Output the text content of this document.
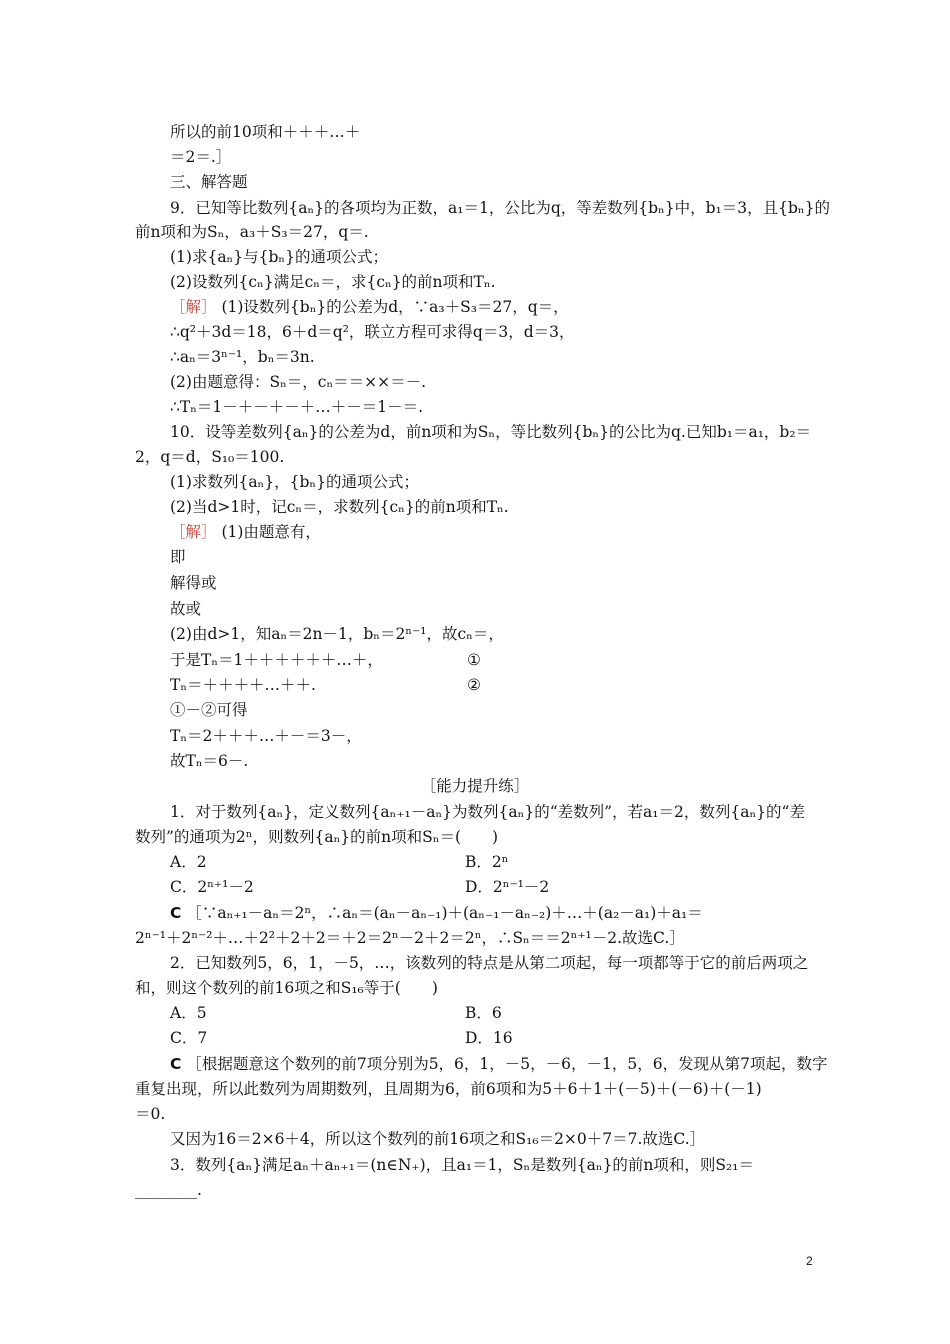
所以的前10项和＋＋＋…＋
＝2＝.］
三、解答题
9．已知等比数列{aₙ}的各项均为正数，a₁＝1，公比为q，等差数列{bₙ}中，b₁＝3，且{bₙ}的
前n项和为Sₙ，a₃＋S₃＝27，q＝.
(1)求{aₙ}与{bₙ}的通项公式；
(2)设数列{cₙ}满足cₙ＝，求{cₙ}的前n项和Tₙ.
［解］ (1)设数列{bₙ}的公差为d，∵a₃＋S₃＝27，q＝，
∴q²＋3d＝18，6＋d＝q²，联立方程可求得q＝3，d＝3，
∴aₙ＝3ⁿ⁻¹，bₙ＝3n.
(2)由题意得：Sₙ＝，cₙ＝＝××＝－.
∴Tₙ＝1－＋－＋－＋…＋－＝1－＝.
10．设等差数列{aₙ}的公差为d，前n项和为Sₙ，等比数列{bₙ}的公比为q.已知b₁＝a₁，b₂＝
2，q＝d，S₁₀＝100.
(1)求数列{aₙ}，{bₙ}的通项公式；
(2)当d>1时，记cₙ＝，求数列{cₙ}的前n项和Tₙ.
［解］ (1)由题意有，
即
解得或
故或
(2)由d>1，知aₙ＝2n－1，bₙ＝2ⁿ⁻¹，故cₙ＝，
于是Tₙ＝1＋＋＋＋＋＋…＋，	①
Tₙ＝＋＋＋＋…＋＋.	②
①－②可得
Tₙ＝2＋＋＋…＋－＝3－，
故Tₙ＝6－.
［能力提升练］
1．对于数列{aₙ}，定义数列{aₙ₊₁－aₙ}为数列{aₙ}的“差数列”，若a₁＝2，数列{aₙ}的“差
数列”的通项为2ⁿ，则数列{aₙ}的前n项和Sₙ＝(　　)
A．2	B．2ⁿ
C．2ⁿ⁺¹－2	D．2ⁿ⁻¹－2
C ［∵aₙ₊₁－aₙ＝2ⁿ，∴aₙ＝(aₙ－aₙ₋₁)＋(aₙ₋₁－aₙ₋₂)＋…＋(a₂－a₁)＋a₁＝
2ⁿ⁻¹＋2ⁿ⁻²＋…＋2²＋2＋2＝＋2＝2ⁿ－2＋2＝2ⁿ，∴Sₙ＝＝2ⁿ⁺¹－2.故选C.］
2．已知数列5，6，1，－5，…，该数列的特点是从第二项起，每一项都等于它的前后两项之
和，则这个数列的前16项之和S₁₆等于(　　)
A．5	B．6
C．7	D．16
C ［根据题意这个数列的前7项分别为5，6，1，－5，－6，－1，5，6，发现从第7项起，数字
重复出现，所以此数列为周期数列，且周期为6，前6项和为5＋6＋1＋(－5)＋(－6)＋(－1)
＝0.
又因为16＝2×6＋4，所以这个数列的前16项之和S₁₆＝2×0＋7＝7.故选C.］
3．数列{aₙ}满足aₙ＋aₙ₊₁＝(n∈N₊)，且a₁＝1，Sₙ是数列{aₙ}的前n项和，则S₂₁＝
________.
2
